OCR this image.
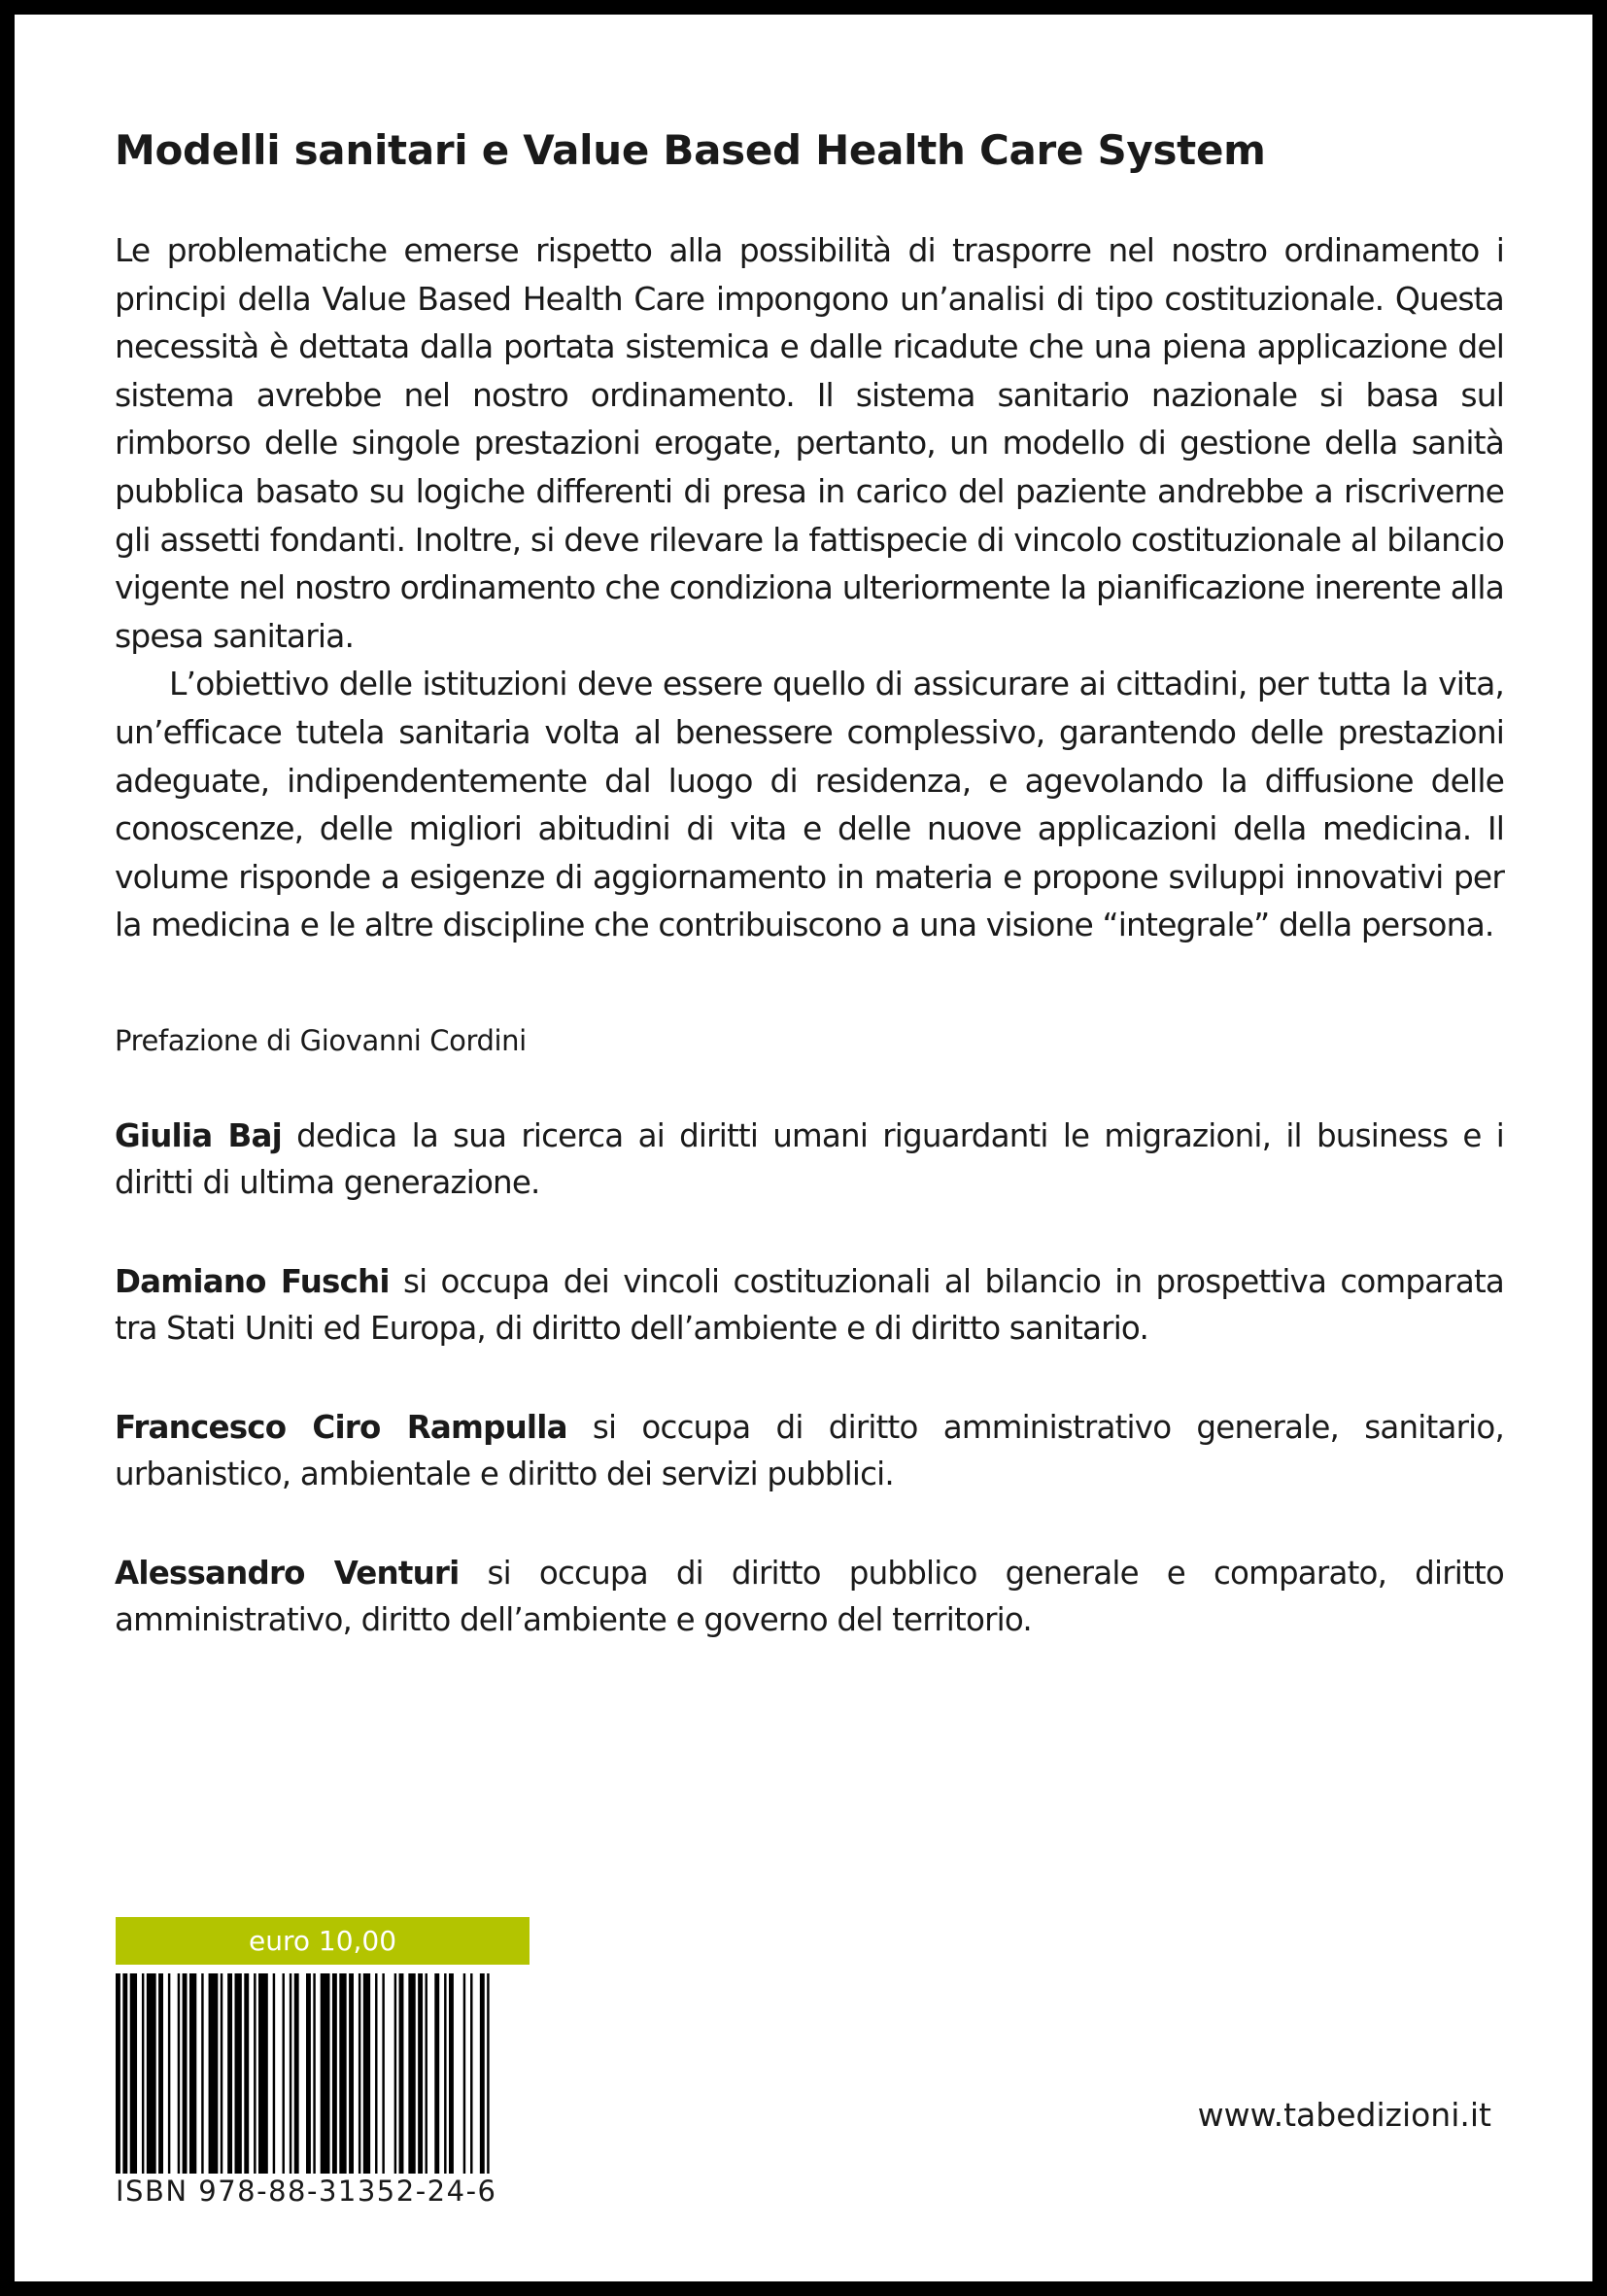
Modelli sanitari e Value Based Health Care System

Le problematiche emerse rispetto alla possibilità di trasporre nel nostro ordinamento i principi della Value Based Health Care impongono un’analisi di tipo costituzionale. Questa necessità è dettata dalla portata sistemica e dalle ricadute che una piena applicazione del sistema avrebbe nel nostro ordinamento. Il sistema sanitario nazionale si basa sul rimborso delle singole prestazioni erogate, pertanto, un modello di gestione della sanità pubblica basato su logiche differenti di presa in carico del paziente andrebbe a riscriverne gli assetti fondanti. Inoltre, si deve rilevare la fattispecie di vincolo costituzionale al bilancio vigente nel nostro ordinamento che condiziona ulteriormente la pianificazione inerente alla spesa sanitaria.

L’obiettivo delle istituzioni deve essere quello di assicurare ai cittadini, per tutta la vita, un’efficace tutela sanitaria volta al benessere complessivo, garantendo delle prestazioni adeguate, indipendentemente dal luogo di residenza, e agevolando la diffusione delle conoscenze, delle migliori abitudini di vita e delle nuove applicazioni della medicina. Il volume risponde a esigenze di aggiornamento in materia e propone sviluppi innovativi per la medicina e le altre discipline che contribuiscono a una visione “integrale” della persona.

Prefazione di Giovanni Cordini

Giulia Baj dedica la sua ricerca ai diritti umani riguardanti le migrazioni, il business e i diritti di ultima generazione.

Damiano Fuschi si occupa dei vincoli costituzionali al bilancio in prospettiva comparata tra Stati Uniti ed Europa, di diritto dell’ambiente e di diritto sanitario.

Francesco Ciro Rampulla si occupa di diritto amministrativo generale, sanitario, urbanistico, ambientale e diritto dei servizi pubblici.

Alessandro Venturi si occupa di diritto pubblico generale e comparato, diritto amministrativo, diritto dell’ambiente e governo del territorio.

euro 10,00
ISBN 978-88-31352-24-6
www.tabedizioni.it
